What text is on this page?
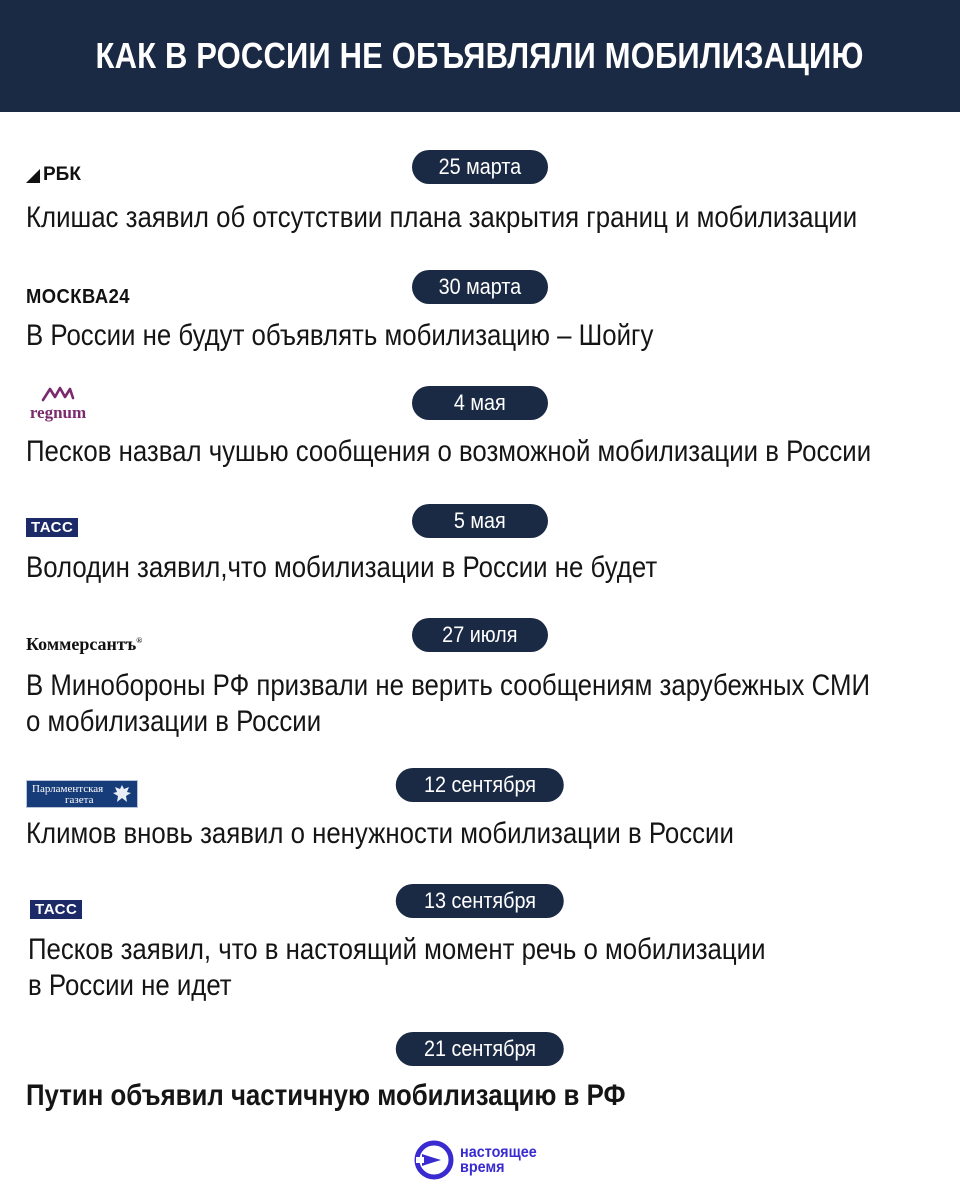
КАК В РОССИИ НЕ ОБЪЯВЛЯЛИ МОБИЛИЗАЦИЮ
РБК	25 марта
Клишас заявил об отсутствии плана закрытия границ и мобилизации
МОСКВА24	30 марта
В России не будут объявлять мобилизацию – Шойгу
regnum	4 мая
Песков назвал чушью сообщения о возможной мобилизации в России
ТАСС	5 мая
Володин заявил,что мобилизации в России не будет
Коммерсантъ®	27 июля
В Минобороны РФ призвали не верить сообщениям зарубежных СМИ
о мобилизации в России
Парламентская
газета
12 сентября
Климов вновь заявил о ненужности мобилизации в России
ТАСС	13 сентября
Песков заявил, что в настоящий момент речь о мобилизации
в России не идет
21 сентября
Путин объявил частичную мобилизацию в РФ
настоящее
время
